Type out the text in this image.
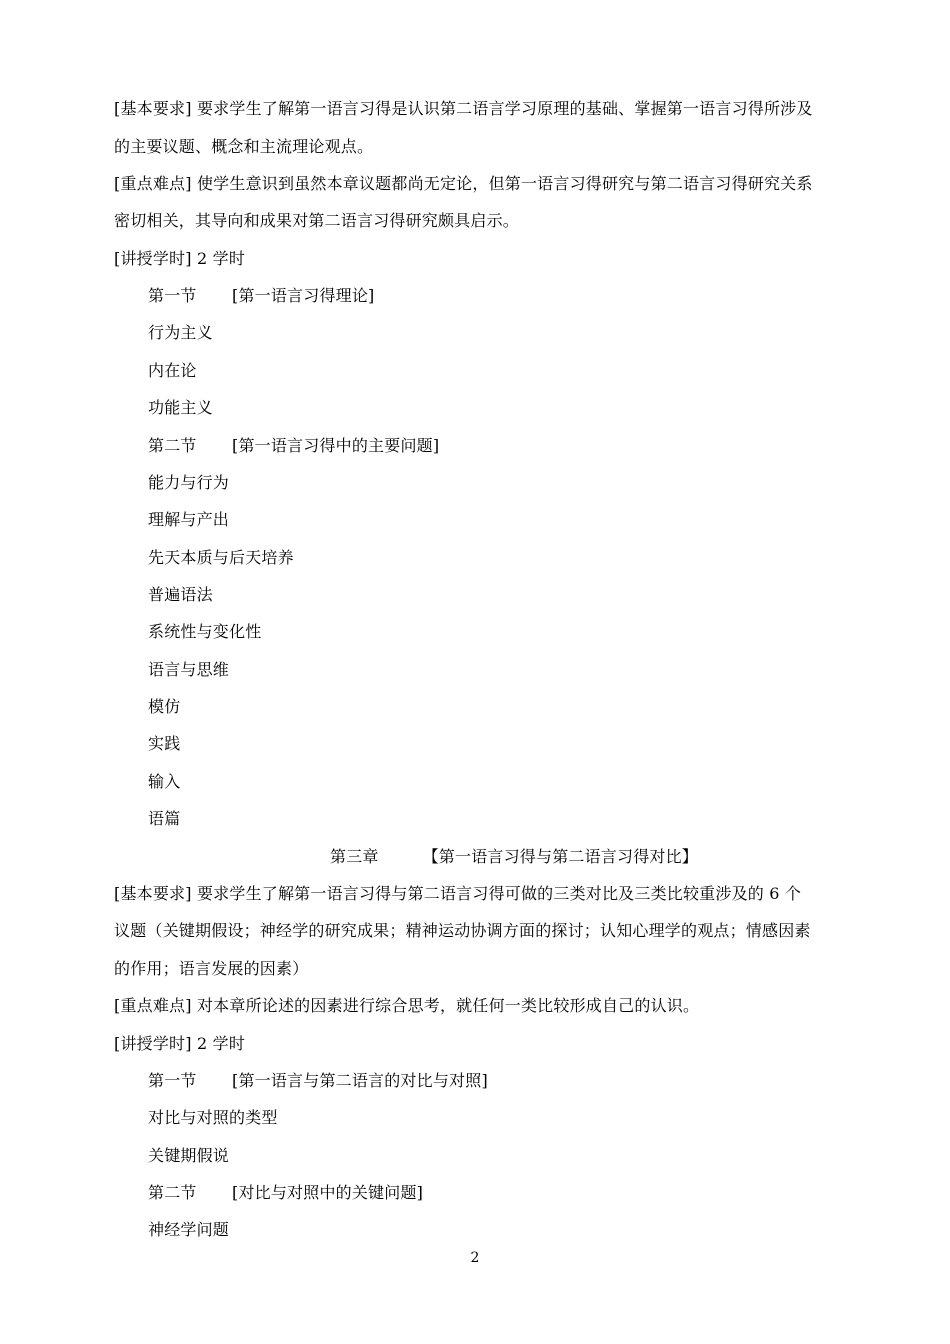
[基本要求] 要求学生了解第一语言习得是认识第二语言学习原理的基础、掌握第一语言习得所涉及
的主要议题、概念和主流理论观点。
[重点难点] 使学生意识到虽然本章议题都尚无定论，但第一语言习得研究与第二语言习得研究关系
密切相关，其导向和成果对第二语言习得研究颇具启示。
[讲授学时] 2 学时
第一节 [第一语言习得理论]
行为主义
内在论
功能主义
第二节 [第一语言习得中的主要问题]
能力与行为
理解与产出
先天本质与后天培养
普遍语法
系统性与变化性
语言与思维
模仿
实践
输入
语篇
第三章	【第一语言习得与第二语言习得对比】
[基本要求] 要求学生了解第一语言习得与第二语言习得可做的三类对比及三类比较重涉及的 6 个
议题（关键期假设；神经学的研究成果；精神运动协调方面的探讨；认知心理学的观点；情感因素
的作用；语言发展的因素）
[重点难点] 对本章所论述的因素进行综合思考，就任何一类比较形成自己的认识。
[讲授学时] 2 学时
第一节 [第一语言与第二语言的对比与对照]
对比与对照的类型
关键期假说
第二节 [对比与对照中的关键问题]
神经学问题
2
